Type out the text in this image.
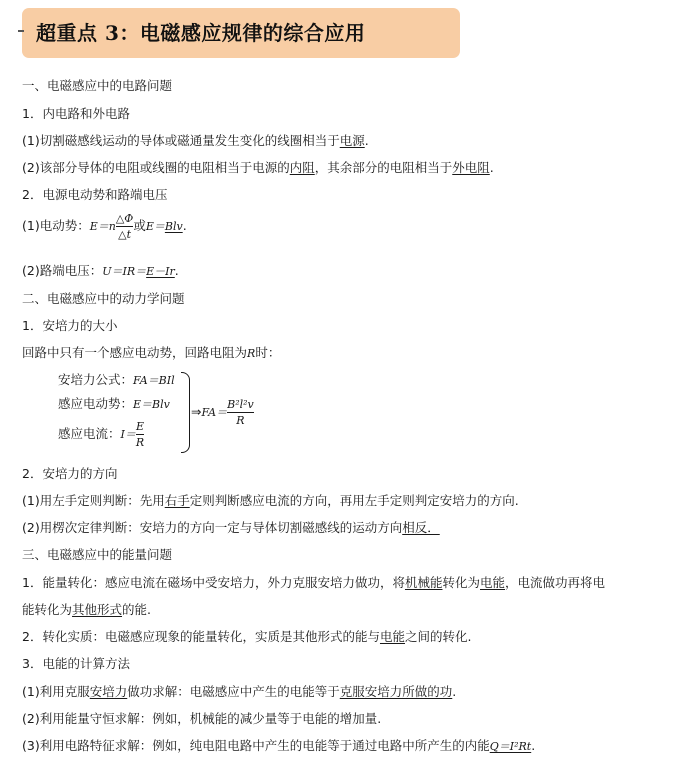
超重点 3：电磁感应规律的综合应用
一、电磁感应中的电路问题
1．内电路和外电路
(1)切割磁感线运动的导体或磁通量发生变化的线圈相当于电源.
(2)该部分导体的电阻或线圈的电阻相当于电源的内阻，其余部分的电阻相当于外电阻.
2．电源电动势和路端电压
(1)电动势：$E=n \frac{\triangle\Phi}{\triangle t}$ 或E＝Blv.
(2)路端电压：U＝IR＝E－Ir.
二、电磁感应中的动力学问题
1．安培力的大小
回路中只有一个感应电动势，回路电阻为R时：
安培力公式：FA＝BIl
感应电动势：E＝Blv
感应电流：$I= \frac{E}{R}$
⇒FA＝ $\frac{\text{B²l²v}}{R}$
2．安培力的方向
(1)用左手定则判断：先用右手定则判断感应电流的方向，再用左手定则判定安培力的方向.
(2)用楞次定律判断：安培力的方向一定与导体切割磁感线的运动方向相反．
三、电磁感应中的能量问题
1．能量转化：感应电流在磁场中受安培力，外力克服安培力做功，将机械能转化为电能，电流做功再将电
能转化为其他形式的能.
2．转化实质：电磁感应现象的能量转化，实质是其他形式的能与电能之间的转化.
3．电能的计算方法
(1)利用克服安培力做功求解：电磁感应中产生的电能等于克服安培力所做的功.
(2)利用能量守恒求解：例如，机械能的减少量等于电能的增加量.
(3)利用电路特征求解：例如，纯电阻电路中产生的电能等于通过电路中所产生的内能Q＝I²Rt.
